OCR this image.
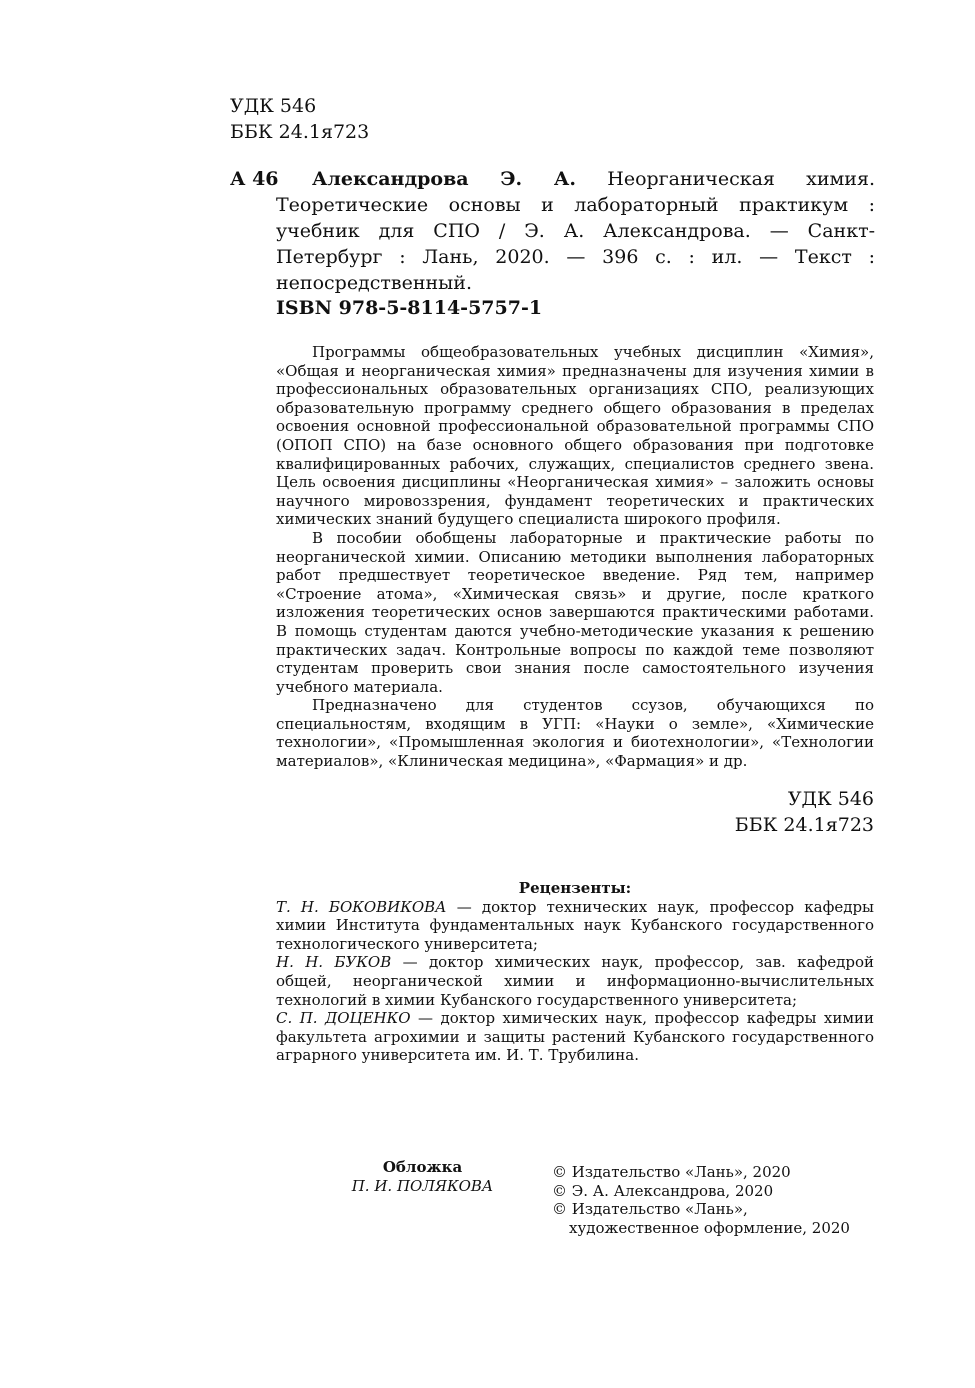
УДК 546
ББК 24.1я723
А 46	Александрова Э. А. Неорганическая химия. Теоретические основы и лабораторный практикум : учебник для СПО / Э. А. Александрова. — Санкт-Петербург : Лань, 2020. — 396 с. : ил. — Текст : непосредственный.
ISBN 978-5-8114-5757-1

Программы общеобразовательных учебных дисциплин «Химия», «Общая и неорганическая химия» предназначены для изучения химии в профессиональных образовательных организациях СПО, реализующих образовательную программу среднего общего образования в пределах освоения основной профессиональной образовательной программы СПО (ОПОП СПО) на базе основного общего образования при подготовке квалифицированных рабочих, служащих, специалистов среднего звена. Цель освоения дисциплины «Неорганическая химия» – заложить основы научного мировоззрения, фундамент теоретических и практических химических знаний будущего специалиста широкого профиля.

В пособии обобщены лабораторные и практические работы по неорганической химии. Описанию методики выполнения лабораторных работ предшествует теоретическое введение. Ряд тем, например «Строение атома», «Химическая связь» и другие, после краткого изложения теоретических основ завершаются практическими работами. В помощь студентам даются учебно-методические указания к решению практических задач. Контрольные вопросы по каждой теме позволяют студентам проверить свои знания после самостоятельного изучения учебного материала.

Предназначено для студентов ссузов, обучающихся по специальностям, входящим в УГП: «Науки о земле», «Химические технологии», «Промышленная экология и биотехнологии», «Технологии материалов», «Клиническая медицина», «Фармация» и др.

УДК 546
ББК 24.1я723
Рецензенты:

Т. Н. БОКОВИКОВА — доктор технических наук, профессор кафедры химии Института фундаментальных наук Кубанского государственного технологического университета;

Н. Н. БУКОВ — доктор химических наук, профессор, зав. кафедрой общей, неорганической химии и информационно-вычислительных технологий в химии Кубанского государственного университета;

С. П. ДОЦЕНКО — доктор химических наук, профессор кафедры химии факультета агрохимии и защиты растений Кубанского государственного аграрного университета им. И. Т. Трубилина.

Обложка
П. И. ПОЛЯКОВА
© Издательство «Лань», 2020
© Э. А. Александрова, 2020
© Издательство «Лань»,
художественное оформление, 2020
